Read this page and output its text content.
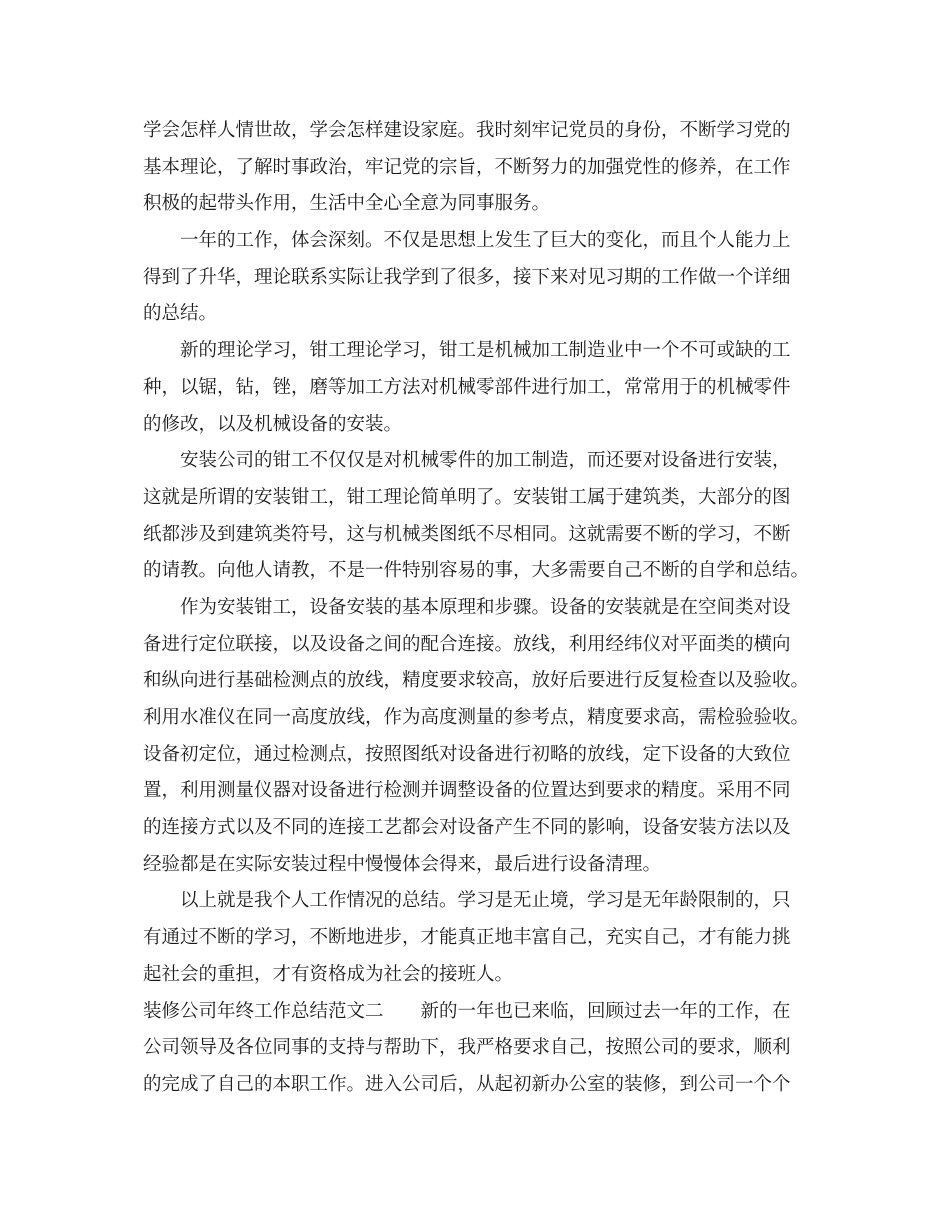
学会怎样人情世故，学会怎样建设家庭。我时刻牢记党员的身份，不断学习党的
基本理论，了解时事政治，牢记党的宗旨，不断努力的加强党性的修养，在工作
积极的起带头作用，生活中全心全意为同事服务。
一年的工作，体会深刻。不仅是思想上发生了巨大的变化，而且个人能力上
得到了升华，理论联系实际让我学到了很多，接下来对见习期的工作做一个详细
的总结。
新的理论学习，钳工理论学习，钳工是机械加工制造业中一个不可或缺的工
种，以锯，钻，锉，磨等加工方法对机械零部件进行加工，常常用于的机械零件
的修改，以及机械设备的安装。
安装公司的钳工不仅仅是对机械零件的加工制造，而还要对设备进行安装，
这就是所谓的安装钳工，钳工理论简单明了。安装钳工属于建筑类，大部分的图
纸都涉及到建筑类符号，这与机械类图纸不尽相同。这就需要不断的学习，不断
的请教。向他人请教，不是一件特别容易的事，大多需要自己不断的自学和总结。
作为安装钳工，设备安装的基本原理和步骤。设备的安装就是在空间类对设
备进行定位联接，以及设备之间的配合连接。放线，利用经纬仪对平面类的横向
和纵向进行基础检测点的放线，精度要求较高，放好后要进行反复检查以及验收。
利用水准仪在同一高度放线，作为高度测量的参考点，精度要求高，需检验验收。
设备初定位，通过检测点，按照图纸对设备进行初略的放线，定下设备的大致位
置，利用测量仪器对设备进行检测并调整设备的位置达到要求的精度。采用不同
的连接方式以及不同的连接工艺都会对设备产生不同的影响，设备安装方法以及
经验都是在实际安装过程中慢慢体会得来，最后进行设备清理。
以上就是我个人工作情况的总结。学习是无止境，学习是无年龄限制的，只
有通过不断的学习，不断地进步，才能真正地丰富自己，充实自己，才有能力挑
起社会的重担，才有资格成为社会的接班人。
装修公司年终工作总结范文二　　新的一年也已来临，回顾过去一年的工作，在
公司领导及各位同事的支持与帮助下，我严格要求自己，按照公司的要求，顺利
的完成了自己的本职工作。进入公司后，从起初新办公室的装修，到公司一个个
